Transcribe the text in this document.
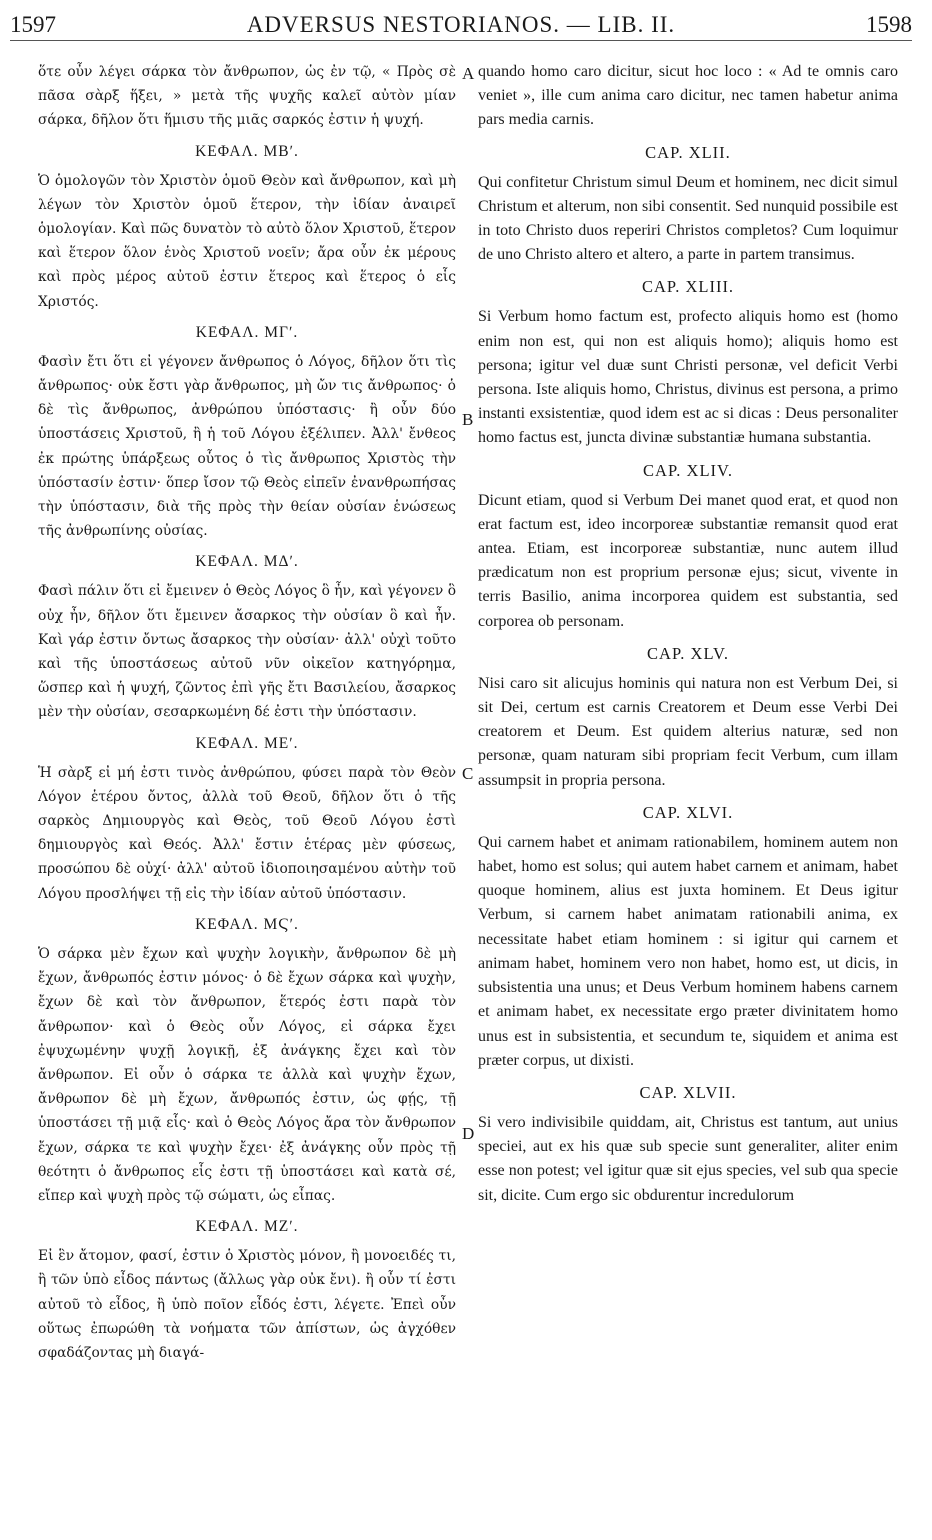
1597	ADVERSUS NESTORIANOS. — LIB. II.	1598
A
B
C
D

ὅτε οὖν λέγει σάρκα τὸν ἄνθρωπον, ὡς ἐν τῷ, « Πρὸς σὲ πᾶσα σὰρξ ἥξει, » μετὰ τῆς ψυχῆς καλεῖ αὐτὸν μίαν σάρκα, δῆλον ὅτι ἥμισυ τῆς μιᾶς σαρκός ἐστιν ἡ ψυχή.

ΚΕΦΑΛ. ΜΒʹ.

Ὁ ὁμολογῶν τὸν Χριστὸν ὁμοῦ Θεὸν καὶ ἄνθρωπον, καὶ μὴ λέγων τὸν Χριστὸν ὁμοῦ ἕτερον, τὴν ἰδίαν ἀναιρεῖ ὁμολογίαν. Καὶ πῶς δυνατὸν τὸ αὐτὸ ὅλον Χριστοῦ, ἕτερον καὶ ἕτερον ὅλον ἑνὸς Χριστοῦ νοεῖν; ἄρα οὖν ἐκ μέρους καὶ πρὸς μέρος αὐτοῦ ἐστιν ἕτερος καὶ ἕτερος ὁ εἷς Χριστός.

ΚΕΦΑΛ. ΜΓʹ.

Φασὶν ἔτι ὅτι εἰ γέγονεν ἄνθρωπος ὁ Λόγος, δῆλον ὅτι τὶς ἄνθρωπος· οὐκ ἔστι γὰρ ἄνθρωπος, μὴ ὤν τις ἄνθρωπος· ὁ δὲ τὶς ἄνθρωπος, ἀνθρώπου ὑπόστασις· ἢ οὖν δύο ὑποστάσεις Χριστοῦ, ἢ ἡ τοῦ Λόγου ἐξέλιπεν. Ἀλλ' ἔνθεος ἐκ πρώτης ὑπάρξεως οὗτος ὁ τὶς ἄνθρωπος Χριστὸς τὴν ὑπόστασίν ἐστιν· ὅπερ ἴσον τῷ Θεὸς εἰπεῖν ἐνανθρωπήσας τὴν ὑπόστασιν, διὰ τῆς πρὸς τὴν θείαν οὐσίαν ἑνώσεως τῆς ἀνθρωπίνης οὐσίας.

ΚΕΦΑΛ. ΜΔʹ.

Φασὶ πάλιν ὅτι εἰ ἔμεινεν ὁ Θεὸς Λόγος ὃ ἦν, καὶ γέγονεν ὃ οὐχ ἦν, δῆλον ὅτι ἔμεινεν ἄσαρκος τὴν οὐσίαν ὃ καὶ ἦν. Καὶ γάρ ἐστιν ὄντως ἄσαρκος τὴν οὐσίαν· ἀλλ' οὐχὶ τοῦτο καὶ τῆς ὑποστάσεως αὐτοῦ νῦν οἰκεῖον κατηγόρημα, ὥσπερ καὶ ἡ ψυχή, ζῶντος ἐπὶ γῆς ἔτι Βασιλείου, ἄσαρκος μὲν τὴν οὐσίαν, σεσαρκωμένη δέ ἐστι τὴν ὑπόστασιν.

ΚΕΦΑΛ. ΜΕʹ.

Ἡ σὰρξ εἰ μή ἐστι τινὸς ἀνθρώπου, φύσει παρὰ τὸν Θεὸν Λόγον ἑτέρου ὄντος, ἀλλὰ τοῦ Θεοῦ, δῆλον ὅτι ὁ τῆς σαρκὸς Δημιουργὸς καὶ Θεὸς, τοῦ Θεοῦ Λόγου ἐστὶ δημιουργὸς καὶ Θεός. Ἀλλ' ἔστιν ἑτέρας μὲν φύσεως, προσώπου δὲ οὐχί· ἀλλ' αὐτοῦ ἰδιοποιησαμένου αὐτὴν τοῦ Λόγου προσλήψει τῇ εἰς τὴν ἰδίαν αὐτοῦ ὑπόστασιν.

ΚΕΦΑΛ. ΜϚʹ.

Ὁ σάρκα μὲν ἔχων καὶ ψυχὴν λογικὴν, ἄνθρωπον δὲ μὴ ἔχων, ἄνθρωπός ἐστιν μόνος· ὁ δὲ ἔχων σάρκα καὶ ψυχὴν, ἔχων δὲ καὶ τὸν ἄνθρωπον, ἕτερός ἐστι παρὰ τὸν ἄνθρωπον· καὶ ὁ Θεὸς οὖν Λόγος, εἰ σάρκα ἔχει ἐψυχωμένην ψυχῇ λογικῇ, ἐξ ἀνάγκης ἔχει καὶ τὸν ἄνθρωπον. Εἰ οὖν ὁ σάρκα τε ἀλλὰ καὶ ψυχὴν ἔχων, ἄνθρωπον δὲ μὴ ἔχων, ἄνθρωπός ἐστιν, ὡς φῄς, τῇ ὑποστάσει τῇ μιᾷ εἷς· καὶ ὁ Θεὸς Λόγος ἄρα τὸν ἄνθρωπον ἔχων, σάρκα τε καὶ ψυχὴν ἔχει· ἐξ ἀνάγκης οὖν πρὸς τῇ θεότητι ὁ ἄνθρωπος εἷς ἐστι τῇ ὑποστάσει καὶ κατὰ σέ, εἴπερ καὶ ψυχὴ πρὸς τῷ σώματι, ὡς εἶπας.

ΚΕΦΑΛ. ΜΖʹ.

Εἰ ἓν ἄτομον, φασί, ἐστιν ὁ Χριστὸς μόνον, ἢ μονοειδές τι, ἢ τῶν ὑπὸ εἶδος πάντως (ἄλλως γὰρ οὐκ ἔνι). ἢ οὖν τί ἐστι αὐτοῦ τὸ εἶδος, ἢ ὑπὸ ποῖον εἶδός ἐστι, λέγετε. Ἐπεὶ οὖν οὕτως ἐπωρώθη τὰ νοήματα τῶν ἀπίστων, ὡς ἀγχόθεν σφαδάζοντας μὴ διαγά-

quando homo caro dicitur, sicut hoc loco : « Ad te omnis caro veniet », ille cum anima caro dicitur, nec tamen habetur anima pars media carnis.

CAP. XLII.

Qui confitetur Christum simul Deum et hominem, nec dicit simul Christum et alterum, non sibi consentit. Sed nunquid possibile est in toto Christo duos reperiri Christos completos? Cum loquimur de uno Christo altero et altero, a parte in partem transimus.

CAP. XLIII.

Si Verbum homo factum est, profecto aliquis homo est (homo enim non est, qui non est aliquis homo); aliquis homo est persona; igitur vel duæ sunt Christi personæ, vel deficit Verbi persona. Iste aliquis homo, Christus, divinus est persona, a primo instanti exsistentiæ, quod idem est ac si dicas : Deus personaliter homo factus est, juncta divinæ substantiæ humana substantia.

CAP. XLIV.

Dicunt etiam, quod si Verbum Dei manet quod erat, et quod non erat factum est, ideo incorporeæ substantiæ remansit quod erat antea. Etiam, est incorporeæ substantiæ, nunc autem illud prædicatum non est proprium personæ ejus; sicut, vivente in terris Basilio, anima incorporea quidem est substantia, sed corporea ob personam.

CAP. XLV.

Nisi caro sit alicujus hominis qui natura non est Verbum Dei, si sit Dei, certum est carnis Creatorem et Deum esse Verbi Dei creatorem et Deum. Est quidem alterius naturæ, sed non personæ, quam naturam sibi propriam fecit Verbum, cum illam assumpsit in propria persona.

CAP. XLVI.

Qui carnem habet et animam rationabilem, hominem autem non habet, homo est solus; qui autem habet carnem et animam, habet quoque hominem, alius est juxta hominem. Et Deus igitur Verbum, si carnem habet animatam rationabili anima, ex necessitate habet etiam hominem : si igitur qui carnem et animam habet, hominem vero non habet, homo est, ut dicis, in subsistentia una unus; et Deus Verbum hominem habens carnem et animam habet, ex necessitate ergo præter divinitatem homo unus est in subsistentia, et secundum te, siquidem et anima est præter corpus, ut dixisti.

CAP. XLVII.

Si vero indivisibile quiddam, ait, Christus est tantum, aut unius speciei, aut ex his quæ sub specie sunt generaliter, aliter enim esse non potest; vel igitur quæ sit ejus species, vel sub qua specie sit, dicite. Cum ergo sic obdurentur incredulorum
